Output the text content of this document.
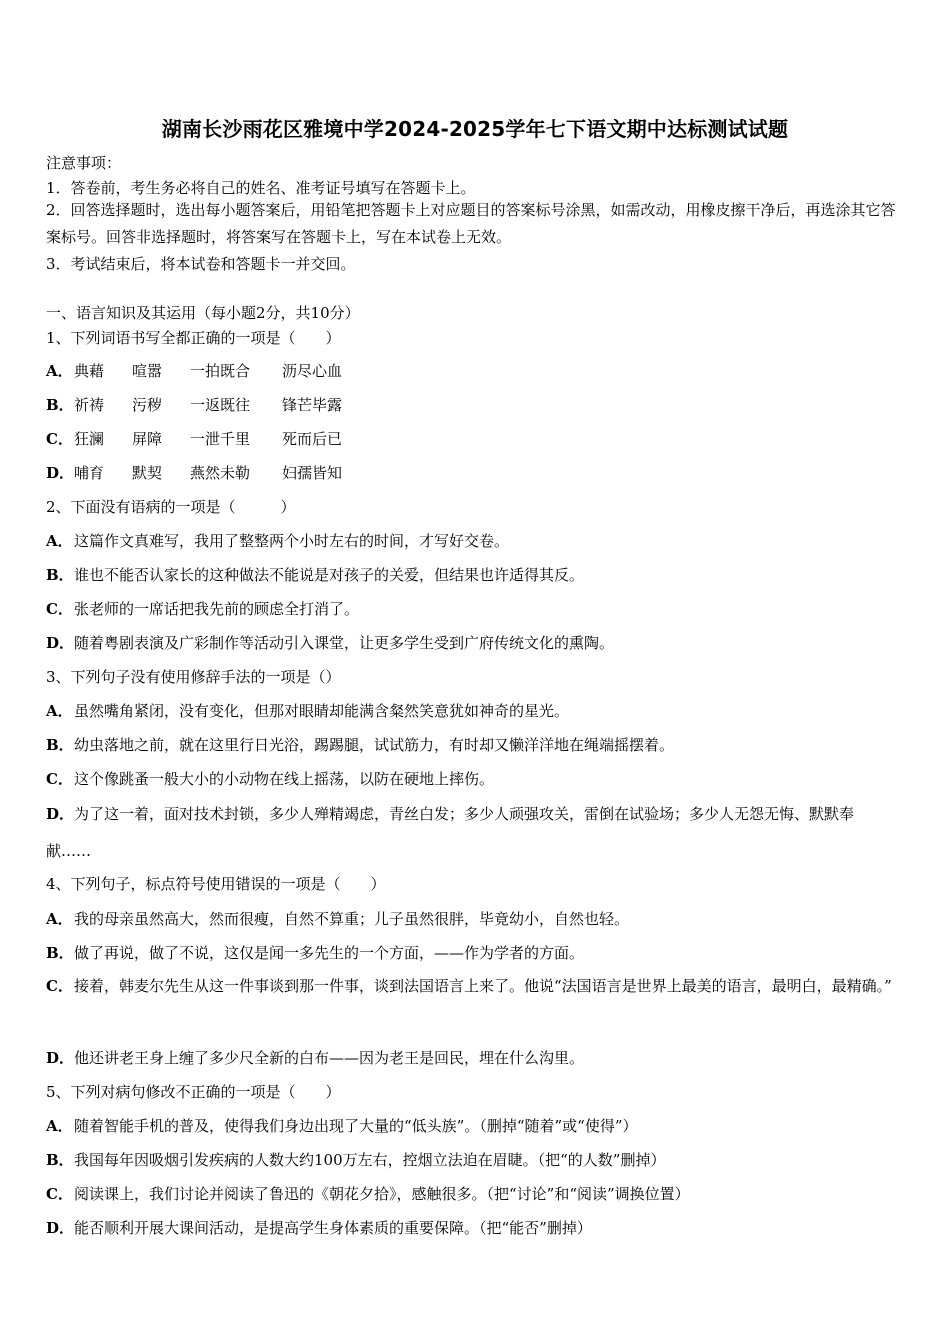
湖南长沙雨花区雅境中学2024-2025学年七下语文期中达标测试试题
注意事项：
1．答卷前，考生务必将自己的姓名、准考证号填写在答题卡上。
2．回答选择题时，选出每小题答案后，用铅笔把答题卡上对应题目的答案标号涂黑，如需改动，用橡皮擦干净后，再选涂其它答案标号。回答非选择题时，将答案写在答题卡上，写在本试卷上无效。
3．考试结束后，将本试卷和答题卡一并交回。
一、语言知识及其运用（每小题2分，共10分）
1、下列词语书写全都正确的一项是（　　）
A．典藉 喧嚣 一拍既合 沥尽心血
B．祈祷 污秽 一返既往 锋芒毕露
C．狂澜 屏障 一泄千里 死而后已
D．哺育 默契 燕然未勒 妇孺皆知
2、下面没有语病的一项是（　　　）
A．这篇作文真难写，我用了整整两个小时左右的时间，才写好交卷。
B．谁也不能否认家长的这种做法不能说是对孩子的关爱，但结果也许适得其反。
C．张老师的一席话把我先前的顾虑全打消了。
D．随着粤剧表演及广彩制作等活动引入课堂，让更多学生受到广府传统文化的熏陶。
3、下列句子没有使用修辞手法的一项是（）
A．虽然嘴角紧闭，没有变化，但那对眼睛却能满含粲然笑意犹如神奇的星光。
B．幼虫落地之前，就在这里行日光浴，踢踢腿，试试筋力，有时却又懒洋洋地在绳端摇摆着。
C．这个像跳蚤一般大小的小动物在线上摇荡，以防在硬地上摔伤。
D．为了这一着，面对技术封锁，多少人殚精竭虑，青丝白发；多少人顽强攻关，雷倒在试验场；多少人无怨无悔、默默奉献……
4、下列句子，标点符号使用错误的一项是（　　）
A．我的母亲虽然高大，然而很瘦，自然不算重；儿子虽然很胖，毕竟幼小，自然也轻。
B．做了再说，做了不说，这仅是闻一多先生的一个方面，——作为学者的方面。
C．接着，韩麦尔先生从这一件事谈到那一件事，谈到法国语言上来了。他说“法国语言是世界上最美的语言，最明白，最精确。”
D．他还讲老王身上缠了多少尺全新的白布——因为老王是回民，埋在什么沟里。
5、下列对病句修改不正确的一项是（　　）
A．随着智能手机的普及，使得我们身边出现了大量的“低头族”。（删掉“随着”或“使得”）
B．我国每年因吸烟引发疾病的人数大约100万左右，控烟立法迫在眉睫。（把“的人数”删掉）
C．阅读课上，我们讨论并阅读了鲁迅的《朝花夕拾》，感触很多。（把“讨论”和“阅读”调换位置）
D．能否顺利开展大课间活动，是提高学生身体素质的重要保障。（把“能否”删掉）
